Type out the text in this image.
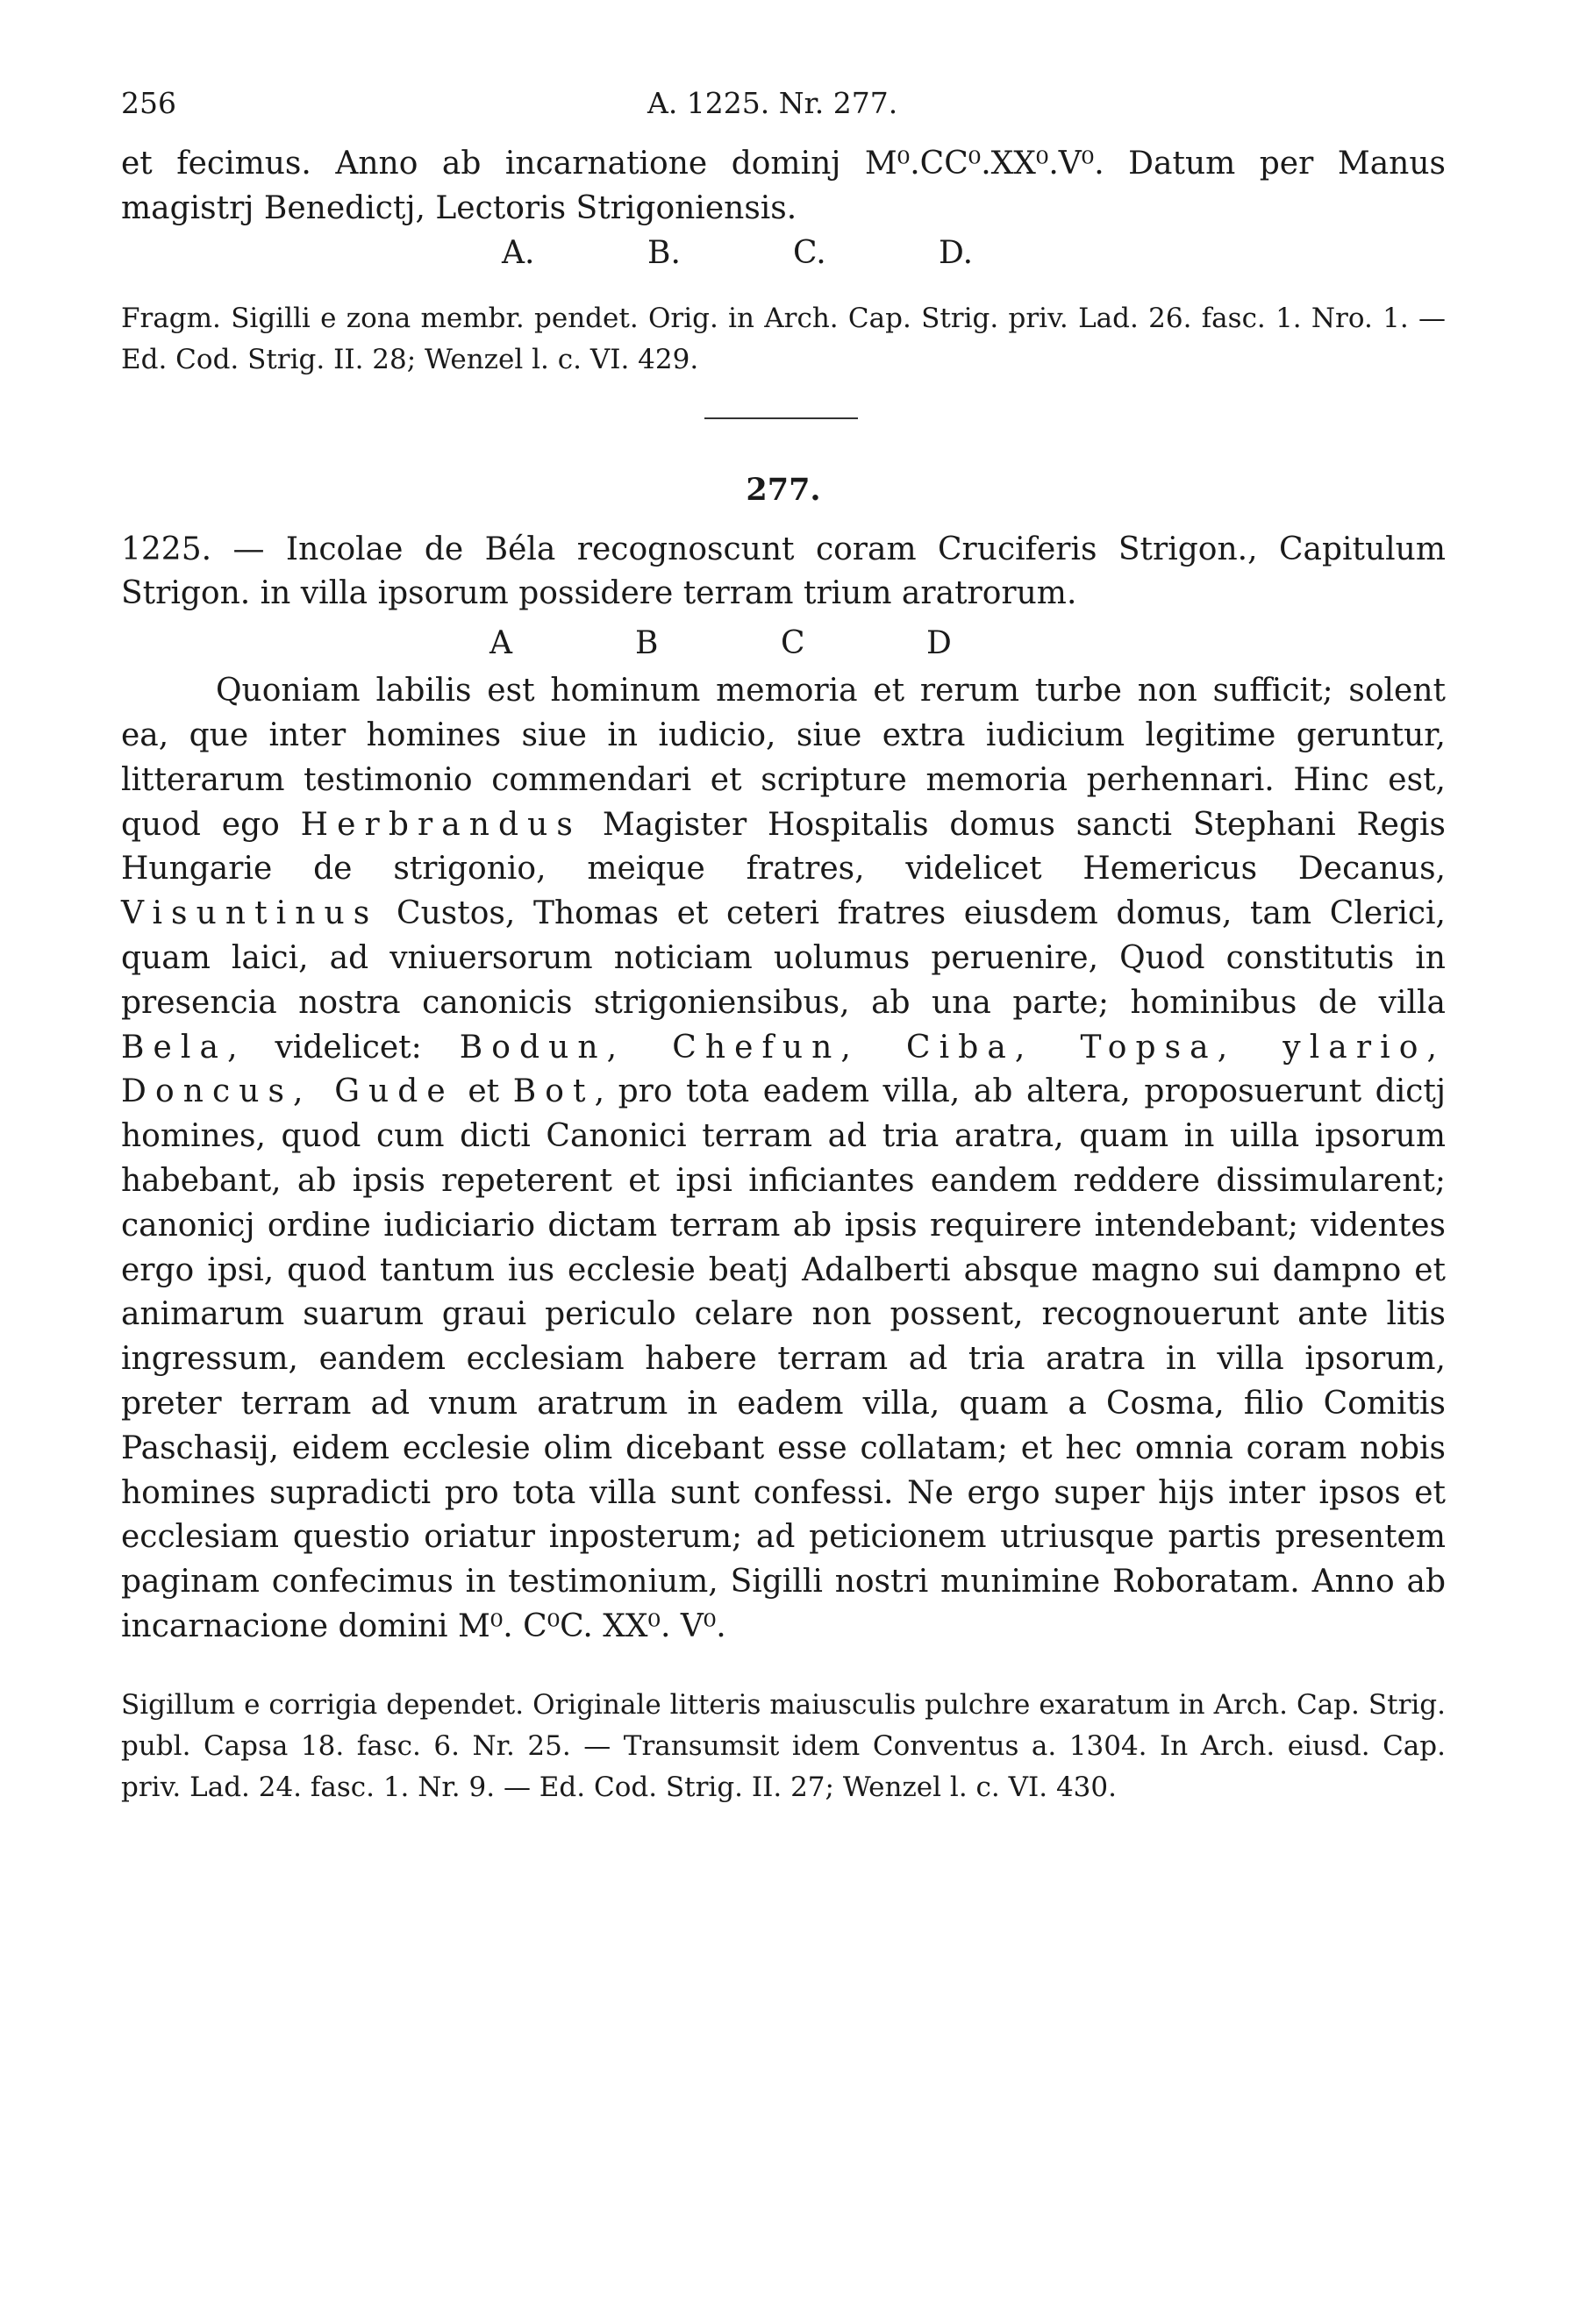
256	A. 1225. Nr. 277.

et fecimus. Anno ab incarnatione dominj M⁰.CC⁰.XX⁰.V⁰. Datum per Manus magistrj Benedictj, Lectoris Strigoniensis.

A.	B.	C.	D.

Fragm. Sigilli e zona membr. pendet. Orig. in Arch. Cap. Strig. priv. Lad. 26. fasc. 1. Nro. 1. — Ed. Cod. Strig. II. 28; Wenzel l. c. VI. 429.

277.

1225. — Incolae de Béla recognoscunt coram Cruciferis Strigon., Capitulum Strigon. in villa ipsorum possidere terram trium aratrorum.

A	B	C	D

Quoniam labilis est hominum memoria et rerum turbe non sufficit; solent ea, que inter homines siue in iudicio, siue extra iudicium legitime geruntur, litterarum testimonio commendari et scripture memoria perhennari. Hinc est, quod ego Herbrandus Magister Hospitalis domus sancti Stephani Regis Hungarie de strigonio, meique fratres, videlicet Hemericus Decanus, Visuntinus Custos, Thomas et ceteri fratres eiusdem domus, tam Clerici, quam laici, ad vniuersorum noticiam uolumus peruenire, Quod constitutis in presencia nostra canonicis strigoniensibus, ab una parte; hominibus de villa Bela, videlicet: Bodun, Chefun, Ciba, Topsa, ylario, Doncus, Gude et Bot, pro tota eadem villa, ab altera, proposuerunt dictj homines, quod cum dicti Canonici terram ad tria aratra, quam in uilla ipsorum habebant, ab ipsis repeterent et ipsi inficiantes eandem reddere dissimularent; canonicj ordine iudiciario dictam terram ab ipsis requirere intendebant; videntes ergo ipsi, quod tantum ius ecclesie beatj Adalberti absque magno sui dampno et animarum suarum graui periculo celare non possent, recognouerunt ante litis ingressum, eandem ecclesiam habere terram ad tria aratra in villa ipsorum, preter terram ad vnum aratrum in eadem villa, quam a Cosma, filio Comitis Paschasij, eidem ecclesie olim dicebant esse collatam; et hec omnia coram nobis homines supradicti pro tota villa sunt confessi. Ne ergo super hijs inter ipsos et ecclesiam questio oriatur inposterum; ad peticionem utriusque partis presentem paginam confecimus in testimonium, Sigilli nostri munimine Roboratam. Anno ab incarnacione domini M⁰. C⁰C. XX⁰. V⁰.

Sigillum e corrigia dependet. Originale litteris maiusculis pulchre exaratum in Arch. Cap. Strig. publ. Capsa 18. fasc. 6. Nr. 25. — Transumsit idem Conventus a. 1304. In Arch. eiusd. Cap. priv. Lad. 24. fasc. 1. Nr. 9. — Ed. Cod. Strig. II. 27; Wenzel l. c. VI. 430.
